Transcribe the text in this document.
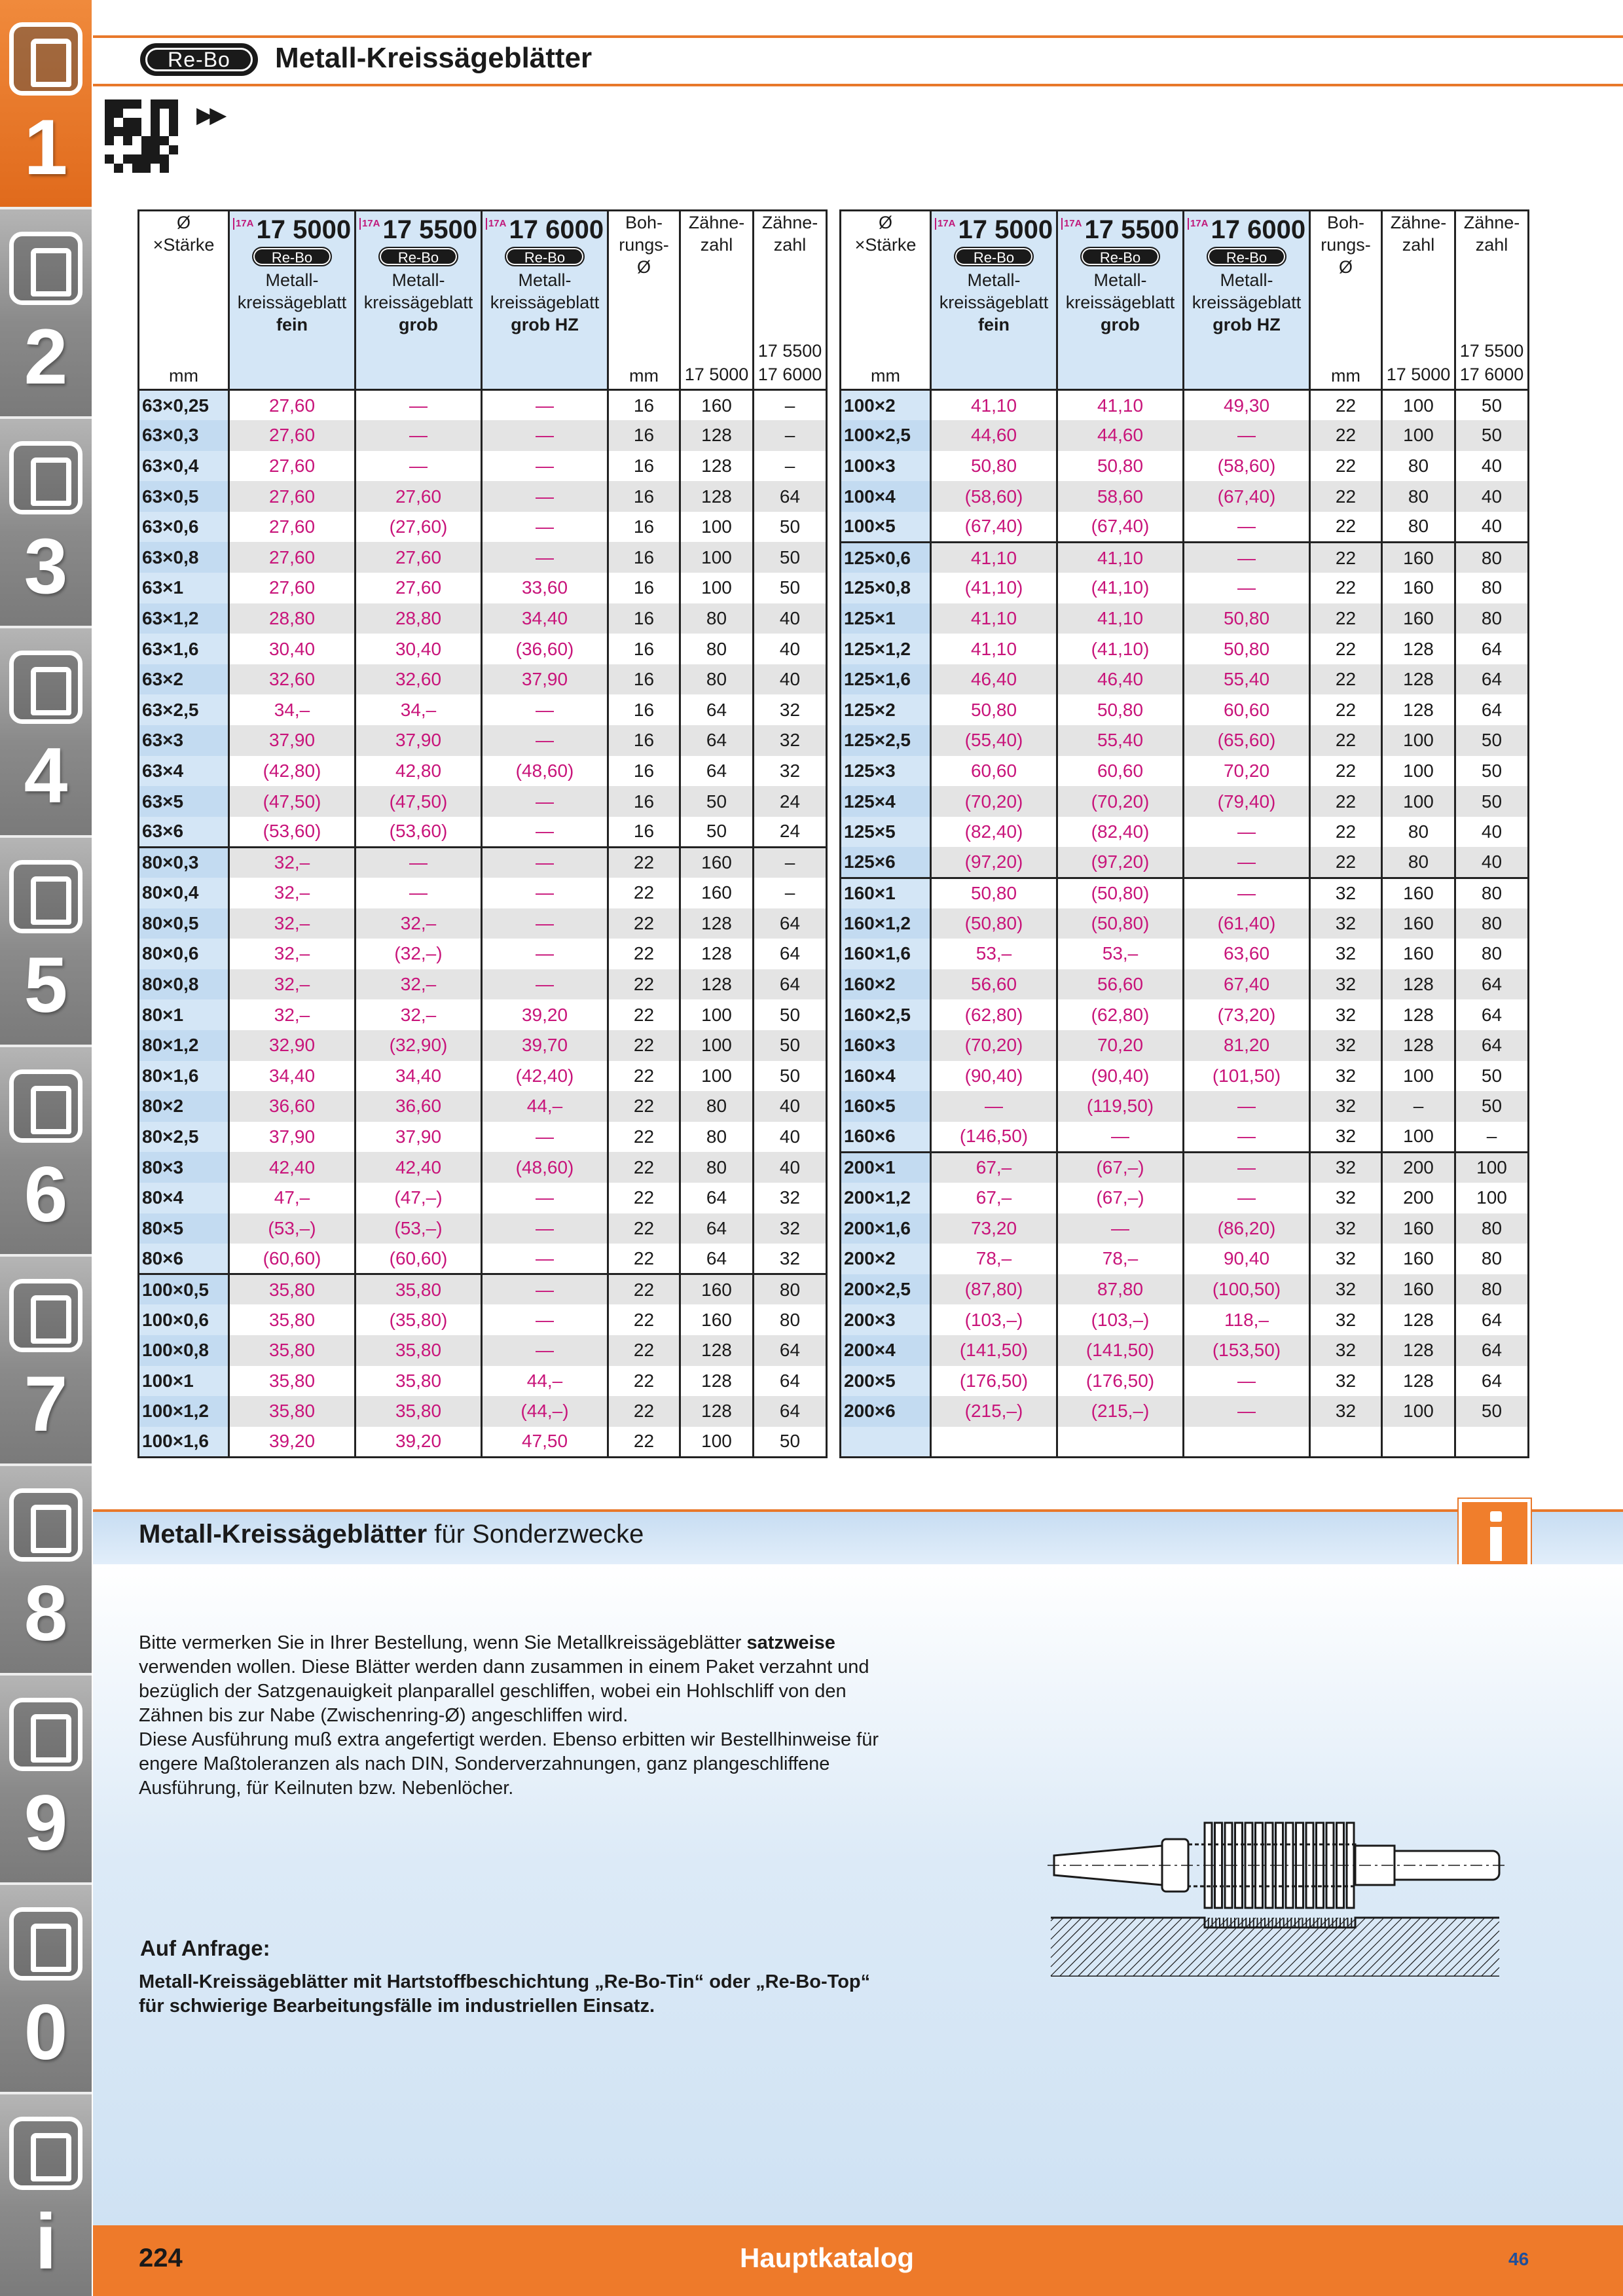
1
2
3
4
5
6
7
8
9
0
i
Re-Bo	Metall-Kreissägeblätter
▶▶
Ø
×Stärke
mm	17A 17 5000
Re-Bo
Metall-
kreissägeblatt
fein	17A 17 5500
Re-Bo
Metall-
kreissägeblatt
grob	17A 17 6000
Re-Bo
Metall-
kreissägeblatt
grob HZ	Boh-
rungs-
Ø
mm	Zähne-
zahl
17 5000	Zähne-
zahl
17 5500
17 6000

63×0,25	27,60	—	—	16	160	–
63×0,3	27,60	—	—	16	128	–
63×0,4	27,60	—	—	16	128	–
63×0,5	27,60	27,60	—	16	128	64
63×0,6	27,60	(27,60)	—	16	100	50
63×0,8	27,60	27,60	—	16	100	50
63×1	27,60	27,60	33,60	16	100	50
63×1,2	28,80	28,80	34,40	16	80	40
63×1,6	30,40	30,40	(36,60)	16	80	40
63×2	32,60	32,60	37,90	16	80	40
63×2,5	34,–	34,–	—	16	64	32
63×3	37,90	37,90	—	16	64	32
63×4	(42,80)	42,80	(48,60)	16	64	32
63×5	(47,50)	(47,50)	—	16	50	24
63×6	(53,60)	(53,60)	—	16	50	24
80×0,3	32,–	—	—	22	160	–
80×0,4	32,–	—	—	22	160	–
80×0,5	32,–	32,–	—	22	128	64
80×0,6	32,–	(32,–)	—	22	128	64
80×0,8	32,–	32,–	—	22	128	64
80×1	32,–	32,–	39,20	22	100	50
80×1,2	32,90	(32,90)	39,70	22	100	50
80×1,6	34,40	34,40	(42,40)	22	100	50
80×2	36,60	36,60	44,–	22	80	40
80×2,5	37,90	37,90	—	22	80	40
80×3	42,40	42,40	(48,60)	22	80	40
80×4	47,–	(47,–)	—	22	64	32
80×5	(53,–)	(53,–)	—	22	64	32
80×6	(60,60)	(60,60)	—	22	64	32
100×0,5	35,80	35,80	—	22	160	80
100×0,6	35,80	(35,80)	—	22	160	80
100×0,8	35,80	35,80	—	22	128	64
100×1	35,80	35,80	44,–	22	128	64
100×1,2	35,80	35,80	(44,–)	22	128	64
100×1,6	39,20	39,20	47,50	22	100	50
Ø
×Stärke
mm	17A 17 5000
Re-Bo
Metall-
kreissägeblatt
fein	17A 17 5500
Re-Bo
Metall-
kreissägeblatt
grob	17A 17 6000
Re-Bo
Metall-
kreissägeblatt
grob HZ	Boh-
rungs-
Ø
mm	Zähne-
zahl
17 5000	Zähne-
zahl
17 5500
17 6000

100×2	41,10	41,10	49,30	22	100	50
100×2,5	44,60	44,60	—	22	100	50
100×3	50,80	50,80	(58,60)	22	80	40
100×4	(58,60)	58,60	(67,40)	22	80	40
100×5	(67,40)	(67,40)	—	22	80	40
125×0,6	41,10	41,10	—	22	160	80
125×0,8	(41,10)	(41,10)	—	22	160	80
125×1	41,10	41,10	50,80	22	160	80
125×1,2	41,10	(41,10)	50,80	22	128	64
125×1,6	46,40	46,40	55,40	22	128	64
125×2	50,80	50,80	60,60	22	128	64
125×2,5	(55,40)	55,40	(65,60)	22	100	50
125×3	60,60	60,60	70,20	22	100	50
125×4	(70,20)	(70,20)	(79,40)	22	100	50
125×5	(82,40)	(82,40)	—	22	80	40
125×6	(97,20)	(97,20)	—	22	80	40
160×1	50,80	(50,80)	—	32	160	80
160×1,2	(50,80)	(50,80)	(61,40)	32	160	80
160×1,6	53,–	53,–	63,60	32	160	80
160×2	56,60	56,60	67,40	32	128	64
160×2,5	(62,80)	(62,80)	(73,20)	32	128	64
160×3	(70,20)	70,20	81,20	32	128	64
160×4	(90,40)	(90,40)	(101,50)	32	100	50
160×5	—	(119,50)	—	32	–	50
160×6	(146,50)	—	—	32	100	–
200×1	67,–	(67,–)	—	32	200	100
200×1,2	67,–	(67,–)	—	32	200	100
200×1,6	73,20	—	(86,20)	32	160	80
200×2	78,–	78,–	90,40	32	160	80
200×2,5	(87,80)	87,80	(100,50)	32	160	80
200×3	(103,–)	(103,–)	118,–	32	128	64
200×4	(141,50)	(141,50)	(153,50)	32	128	64
200×5	(176,50)	(176,50)	—	32	128	64
200×6	(215,–)	(215,–)	—	32	100	50

Metall-Kreissägeblätter für Sonderzwecke
Bitte vermerken Sie in Ihrer Bestellung, wenn Sie Metallkreissägeblätter satzweise verwenden wollen. Diese Blätter werden dann zusammen in einem Paket verzahnt und bezüglich der Satzgenauigkeit planparallel geschliffen, wobei ein Hohlschliff von den Zähnen bis zur Nabe (Zwischenring-Ø) angeschliffen wird.
Diese Ausführung muß extra angefertigt werden. Ebenso erbitten wir Bestellhinweise für engere Maßtoleranzen als nach DIN, Sonderverzahnungen, ganz plangeschliffene Ausführung, für Keilnuten bzw. Nebenlöcher.
Auf Anfrage:
Metall-Kreissägeblätter mit Hartstoffbeschichtung „Re-Bo-Tin“ oder „Re-Bo-Top“
für schwierige Bearbeitungsfälle im industriellen Einsatz.
224	Hauptkatalog	46
